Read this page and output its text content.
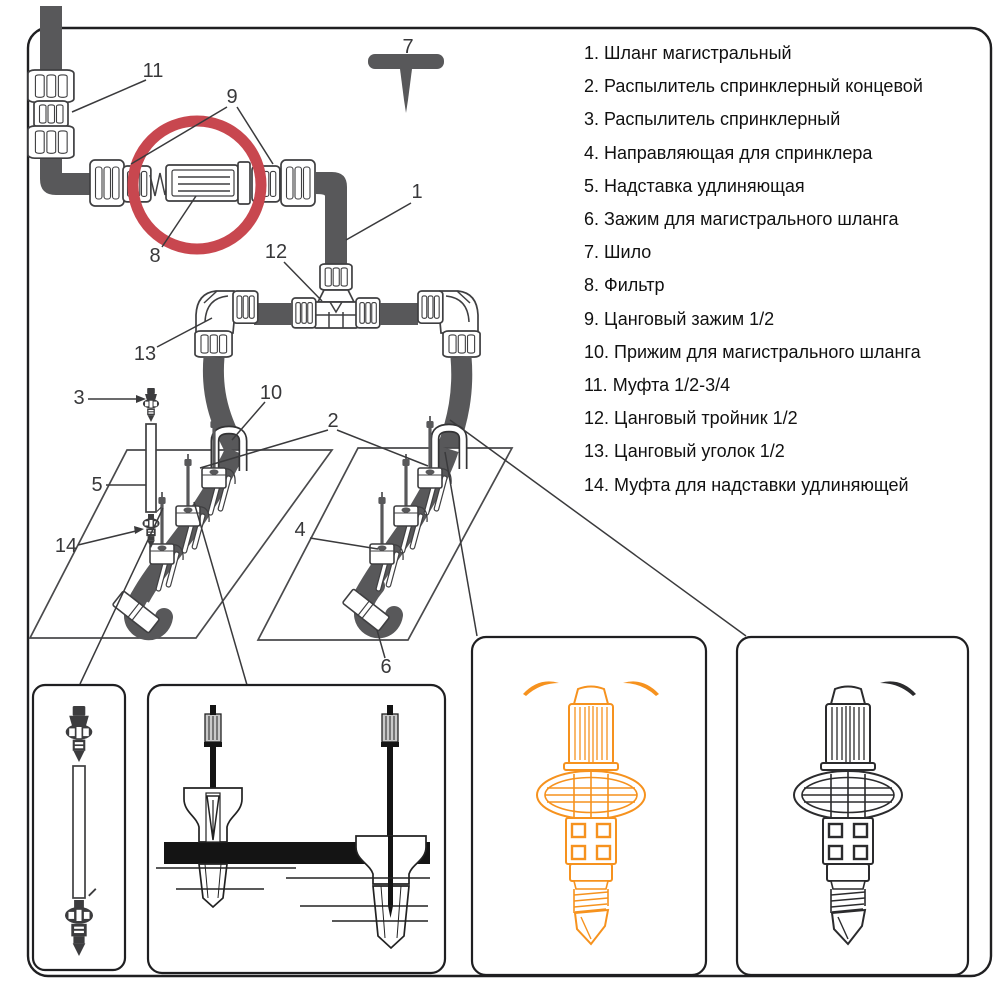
7
11
9
8
1
12
13
10
3
5
14
2
4
6
1. Шланг магистральный
2. Распылитель спринклерный концевой
3. Распылитель спринклерный
4. Направляющая для спринклера
5. Надставка удлиняющая
6. Зажим для магистрального шланга
7. Шило
8. Фильтр
9. Цанговый зажим 1/2
10. Прижим для магистрального шланга
11. Муфта 1/2-3/4
12. Цанговый тройник 1/2
13. Цанговый уголок 1/2
14. Муфта для надставки удлиняющей
